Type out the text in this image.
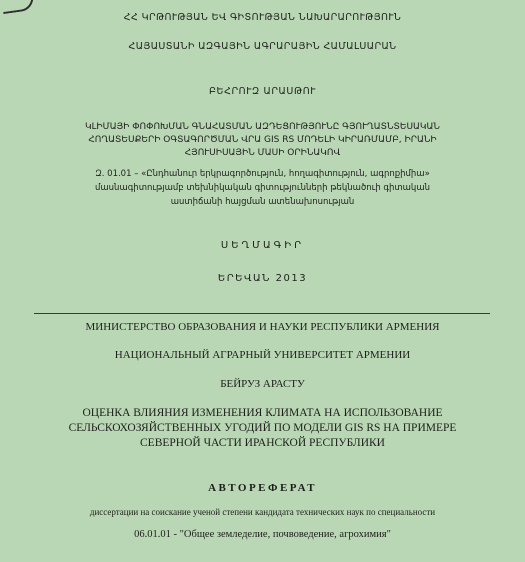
ՀՀ ԿՐԹՈՒԹՅԱՆ ԵՎ ԳԻՏՈՒԹՅԱՆ ՆԱԽԱՐԱՐՈՒԹՅՈՒՆ
ՀԱՅԱՍՏԱՆԻ ԱԶԳԱՅԻՆ ԱԳՐԱՐԱՅԻՆ ՀԱՄԱԼՍԱՐԱՆ
ԲԵՀՐՈՒԶ ԱՐԱՍԹՈՒ
ԿԼԻՄԱՅԻ ՓՈՓՈԽՄԱՆ ԳՆԱՀԱՏՄԱՆ ԱԶԴԵՑՈՒԹՅՈՒՆԸ ԳՅՈՒՂԱՏՆՏԵՍԱԿԱՆ
ՀՈՂԱՏԵՍՔԵՐԻ ՕԳՏԱԳՈՐԾՄԱՆ ՎՐԱ GIS RS ՄՈԴԵԼԻ ԿԻՐԱՌՄԱՄԲ, ԻՐԱՆԻ
ՀՅՈՒՍԻՍԱՅԻՆ ՄԱՍԻ ՕՐԻՆԱԿՈՎ
Զ. 01.01 – «Ընդհանուր երկրագործություն, հողագիտություն, ագրոքիմիա»
մասնագիտությամբ տեխնիկական գիտությունների թեկնածուի գիտական
աստիճանի հայցման ատենախոսության
ՍԵՂՄԱԳԻՐ
ԵՐԵՎԱՆ 2013
МИНИСТЕРСТВО ОБРАЗОВАНИЯ И НАУКИ РЕСПУБЛИКИ АРМЕНИЯ
НАЦИОНАЛЬНЫЙ АГРАРНЫЙ УНИВЕРСИТЕТ АРМЕНИИ
БЕЙРУЗ АРАСТУ
ОЦЕНКА ВЛИЯНИЯ ИЗМЕНЕНИЯ КЛИМАТА НА ИСПОЛЬЗОВАНИЕ
СЕЛЬСКОХОЗЯЙСТВЕННЫХ УГОДИЙ ПО МОДЕЛИ GIS RS НА ПРИМЕРЕ
СЕВЕРНОЙ ЧАСТИ ИРАНСКОЙ РЕСПУБЛИКИ
АВТОРЕФЕРАТ
диссертации на соискание ученой степени кандидата технических наук по специальности
06.01.01 - "Общее земледелие, почвоведение, агрохимия"
